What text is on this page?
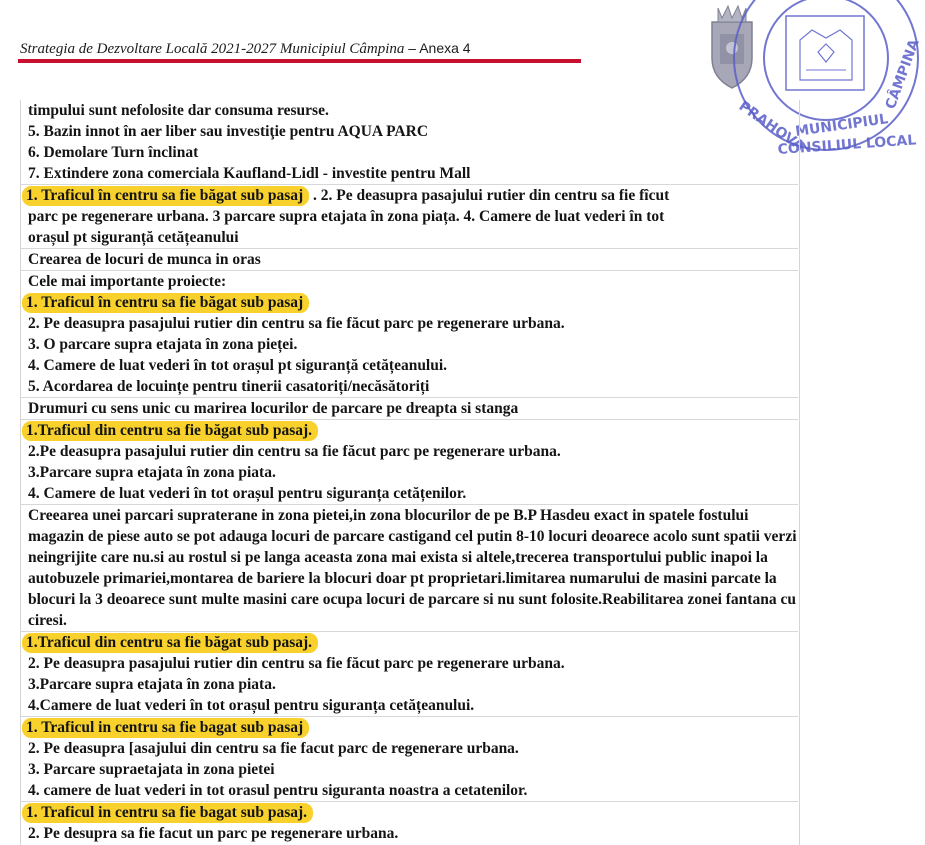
Strategia de Dezvoltare Locală 2021-2027 Municipiul Câmpina – Anexa 4
PRAHOVA
MUNICIPIUL
CONSILIUL LOCAL
CÂMPINA
timpului sunt nefolosite dar consuma resurse.
5. Bazin innot în aer liber sau investiţie pentru AQUA PARC
6. Demolare Turn înclinat
7. Extindere zona comerciala Kaufland-Lidl - investite pentru Mall
1. Traficul în centru sa fie băgat sub pasaj . 2. Pe deasupra pasajului rutier din centru sa fie fîcut
parc pe regenerare urbana. 3 parcare supra etajata în zona piața. 4. Camere de luat vederi în tot
orașul pt siguranță cetățeanului
Crearea de locuri de munca in oras
Cele mai importante proiecte:
1. Traficul în centru sa fie băgat sub pasaj
2. Pe deasupra pasajului rutier din centru sa fie făcut parc pe regenerare urbana.
3. O parcare supra etajata în zona pieței.
4. Camere de luat vederi în tot orașul pt siguranță cetățeanului.
5. Acordarea de locuințe pentru tinerii casatoriți/necăsătoriți
Drumuri cu sens unic cu marirea locurilor de parcare pe dreapta si stanga
1.Traficul din centru sa fie băgat sub pasaj.
2.Pe deasupra pasajului rutier din centru sa fie făcut parc pe regenerare urbana.
3.Parcare supra etajata în zona piata.
4. Camere de luat vederi în tot orașul pentru siguranța cetățenilor.
Creearea unei parcari supraterane in zona pietei,in zona blocurilor de pe B.P Hasdeu exact in spatele fostului magazin de piese auto se pot adauga locuri de parcare castigand cel putin 8-10 locuri deoarece acolo sunt spatii verzi neingrijite care nu.si au rostul si pe langa aceasta zona mai exista si altele,trecerea transportului public inapoi la autobuzele primariei,montarea de bariere la blocuri doar pt proprietari.limitarea numarului de masini parcate la blocuri la 3 deoarece sunt multe masini care ocupa locuri de parcare si nu sunt folosite.Reabilitarea zonei fantana cu ciresi.
1.Traficul din centru sa fie băgat sub pasaj.
2. Pe deasupra pasajului rutier din centru sa fie făcut parc pe regenerare urbana.
3.Parcare supra etajata în zona piata.
4.Camere de luat vederi în tot orașul pentru siguranța cetățeanului.
1. Traficul in centru sa fie bagat sub pasaj
2. Pe deasupra [asajului din centru sa fie facut parc de regenerare urbana.
3. Parcare supraetajata in zona pietei
4. camere de luat vederi in tot orasul pentru siguranta noastra a cetatenilor.
1. Traficul in centru sa fie bagat sub pasaj.
2. Pe desupra sa fie facut un parc pe regenerare urbana.
